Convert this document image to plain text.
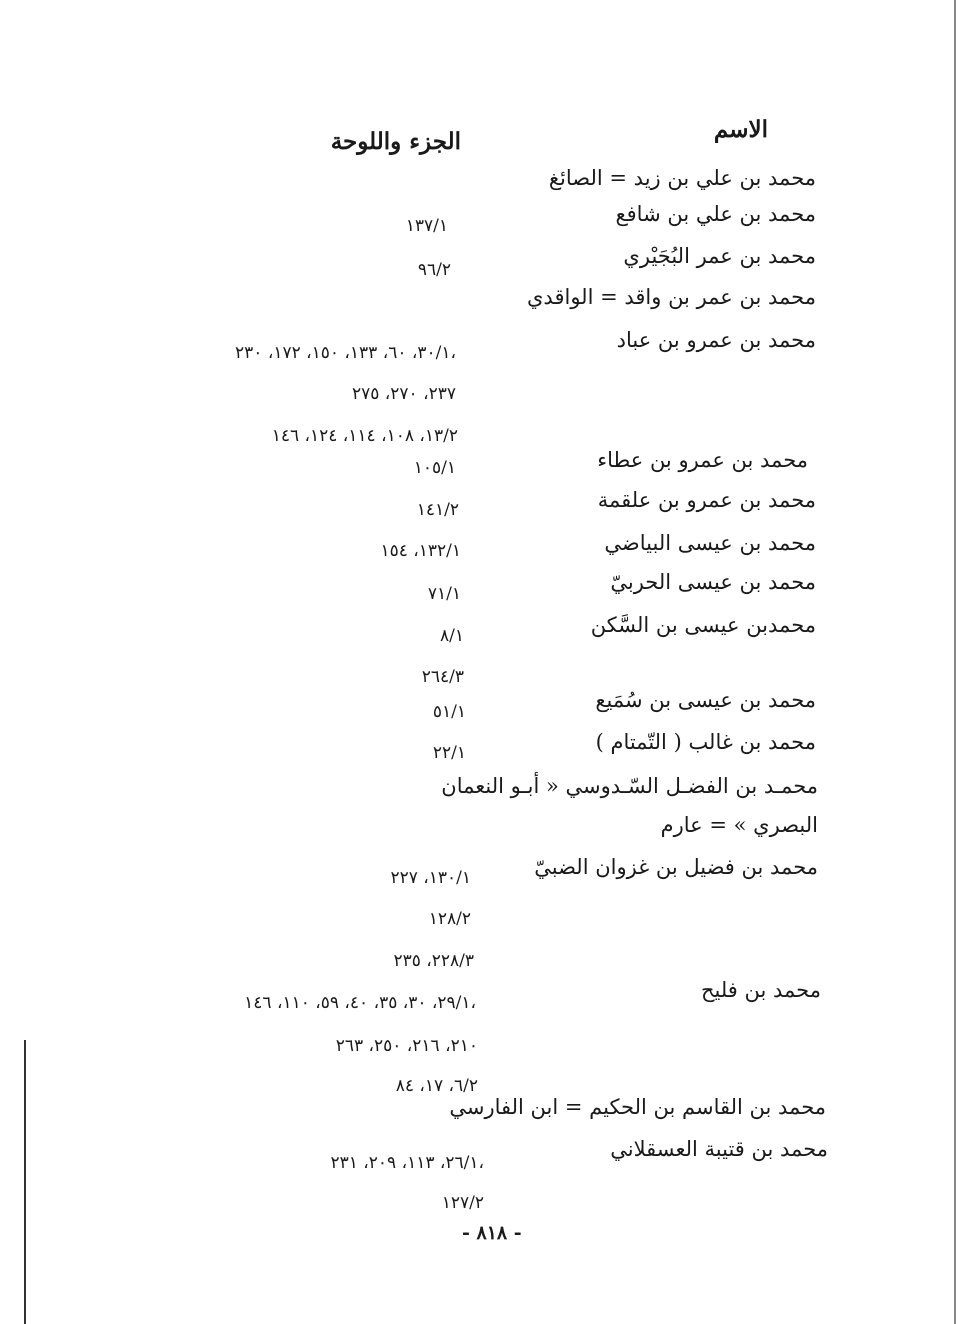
الاسم
الجزء واللوحة
محمد بن علي بن زيد = الصائغ
محمد بن علي بن شافع
محمد بن عمر البُجَيْري
محمد بن عمر بن واقد = الواقدي
محمد بن عمرو بن عباد
محمد بن عمرو بن عطاء
محمد بن عمرو بن علقمة
محمد بن عيسى البياضي
محمد بن عيسى الحربيّ
محمدبن عيسى بن السَّكن
محمد بن عيسى بن سُمَيع
محمد بن غالب ( التّمتام )
محمـد بن الفضـل السّـدوسي « أبـو النعمان
البصري » = عارم
محمد بن فضيل بن غزوان الضبيّ
محمد بن فليح
محمد بن القاسم بن الحكيم = ابن الفارسي
محمد بن قتيبة العسقلاني
١٣٧/١
٩٦/٢
٣٠/١، ٦٠، ١٣٣، ١٥٠، ١٧٢، ٢٣٠،
٢٣٧، ٢٧٠، ٢٧٥
١٣/٢، ١٠٨، ١١٤، ١٢٤، ١٤٦
١٠٥/١
١٤١/٢
١٣٢/١، ١٥٤
٧١/١
٨/١
٢٦٤/٣
٥١/١
٢٢/١
١٣٠/١، ٢٢٧
١٢٨/٢
٢٢٨/٣، ٢٣٥
٢٩/١، ٣٠، ٣٥، ٤٠، ٥٩، ١١٠، ١٤٦،
٢١٠، ٢١٦، ٢٥٠، ٢٦٣
٦/٢، ١٧، ٨٤
٢٦/١، ١١٣، ٢٠٩، ٢٣١،
١٢٧/٢
- ٨١٨ -
